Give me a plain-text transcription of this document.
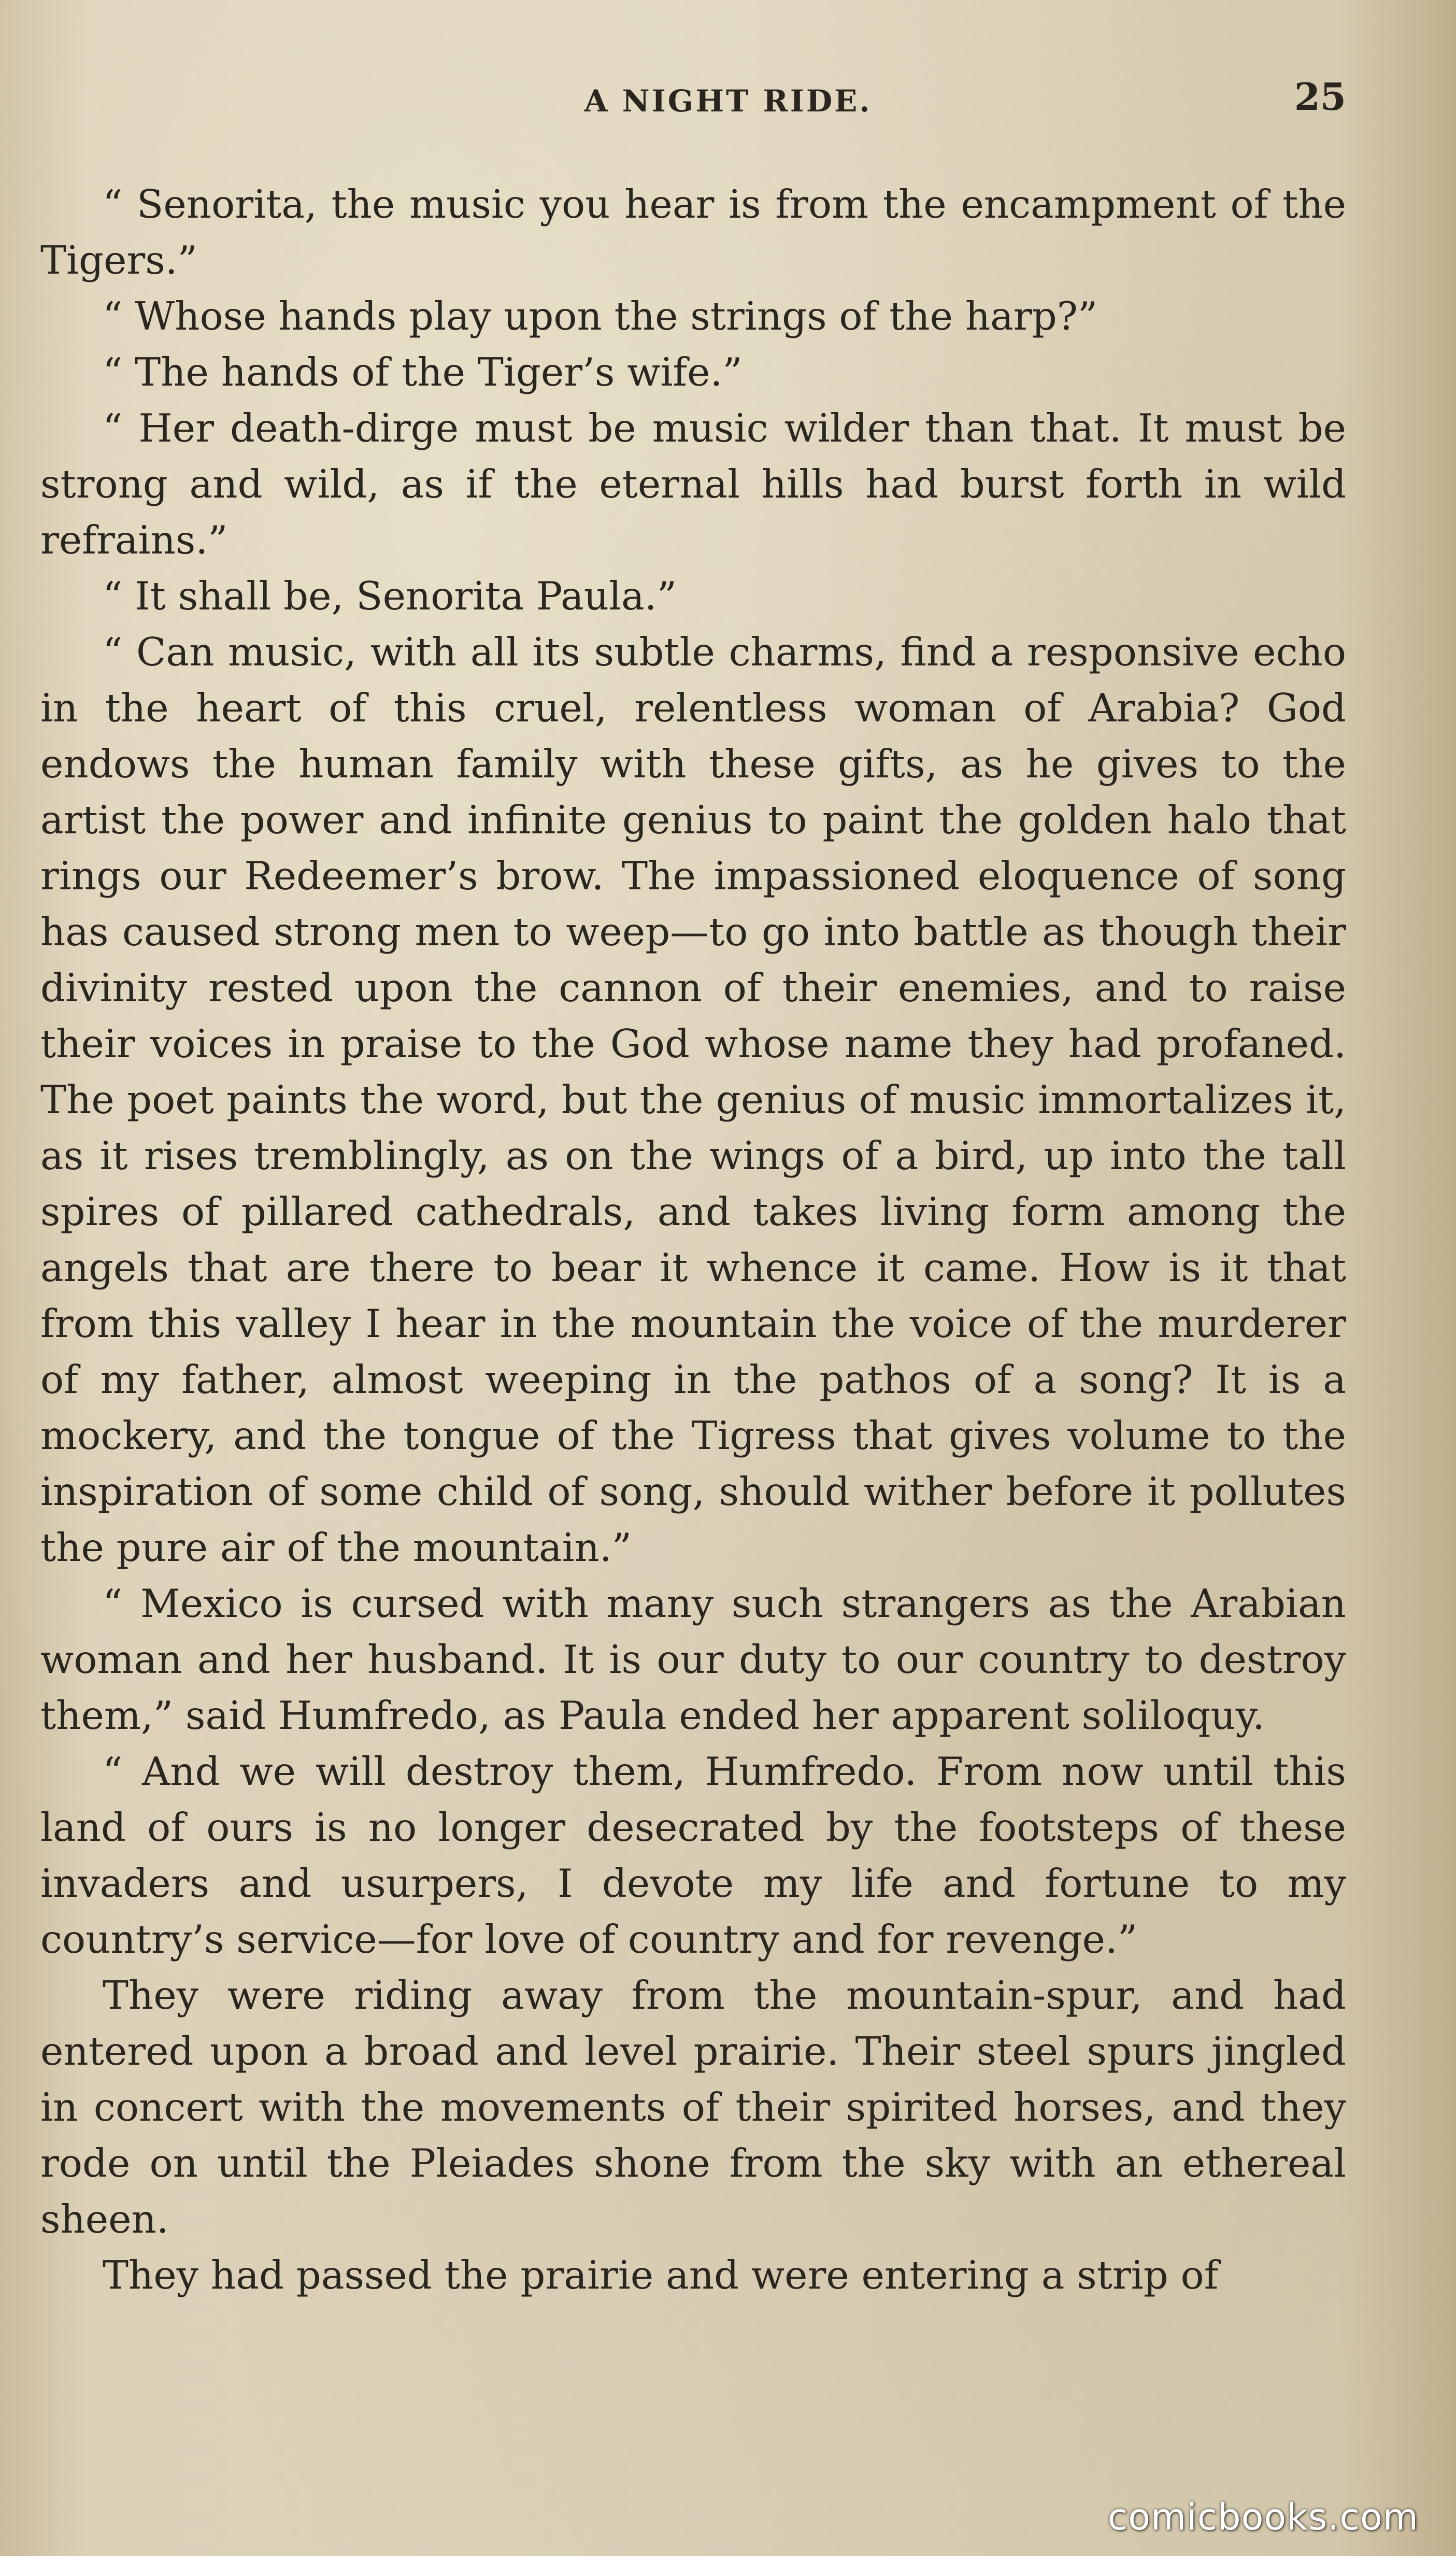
A NIGHT RIDE.	25

“ Senorita, the music you hear is from the encampment of the Tigers.”

“ Whose hands play upon the strings of the harp?”

“ The hands of the Tiger’s wife.”

“ Her death-dirge must be music wilder than that. It must be strong and wild, as if the eternal hills had burst forth in wild refrains.”

“ It shall be, Senorita Paula.”

“ Can music, with all its subtle charms, find a responsive echo in the heart of this cruel, relentless woman of Arabia? God endows the human family with these gifts, as he gives to the artist the power and infinite genius to paint the golden halo that rings our Redeemer’s brow. The impassioned eloquence of song has caused strong men to weep—to go into battle as though their divinity rested upon the cannon of their enemies, and to raise their voices in praise to the God whose name they had profaned. The poet paints the word, but the genius of music immortalizes it, as it rises tremblingly, as on the wings of a bird, up into the tall spires of pillared cathedrals, and takes living form among the angels that are there to bear it whence it came. How is it that from this valley I hear in the mountain the voice of the murderer of my father, almost weeping in the pathos of a song? It is a mockery, and the tongue of the Tigress that gives volume to the inspiration of some child of song, should wither before it pollutes the pure air of the mountain.”

“ Mexico is cursed with many such strangers as the Arabian woman and her husband. It is our duty to our country to destroy them,” said Humfredo, as Paula ended her apparent soliloquy.

“ And we will destroy them, Humfredo. From now until this land of ours is no longer desecrated by the footsteps of these invaders and usurpers, I devote my life and fortune to my country’s service—for love of country and for revenge.”

They were riding away from the mountain-spur, and had entered upon a broad and level prairie. Their steel spurs jingled in concert with the movements of their spirited horses, and they rode on until the Pleiades shone from the sky with an ethereal sheen.

They had passed the prairie and were entering a strip of

comicbooks.com
